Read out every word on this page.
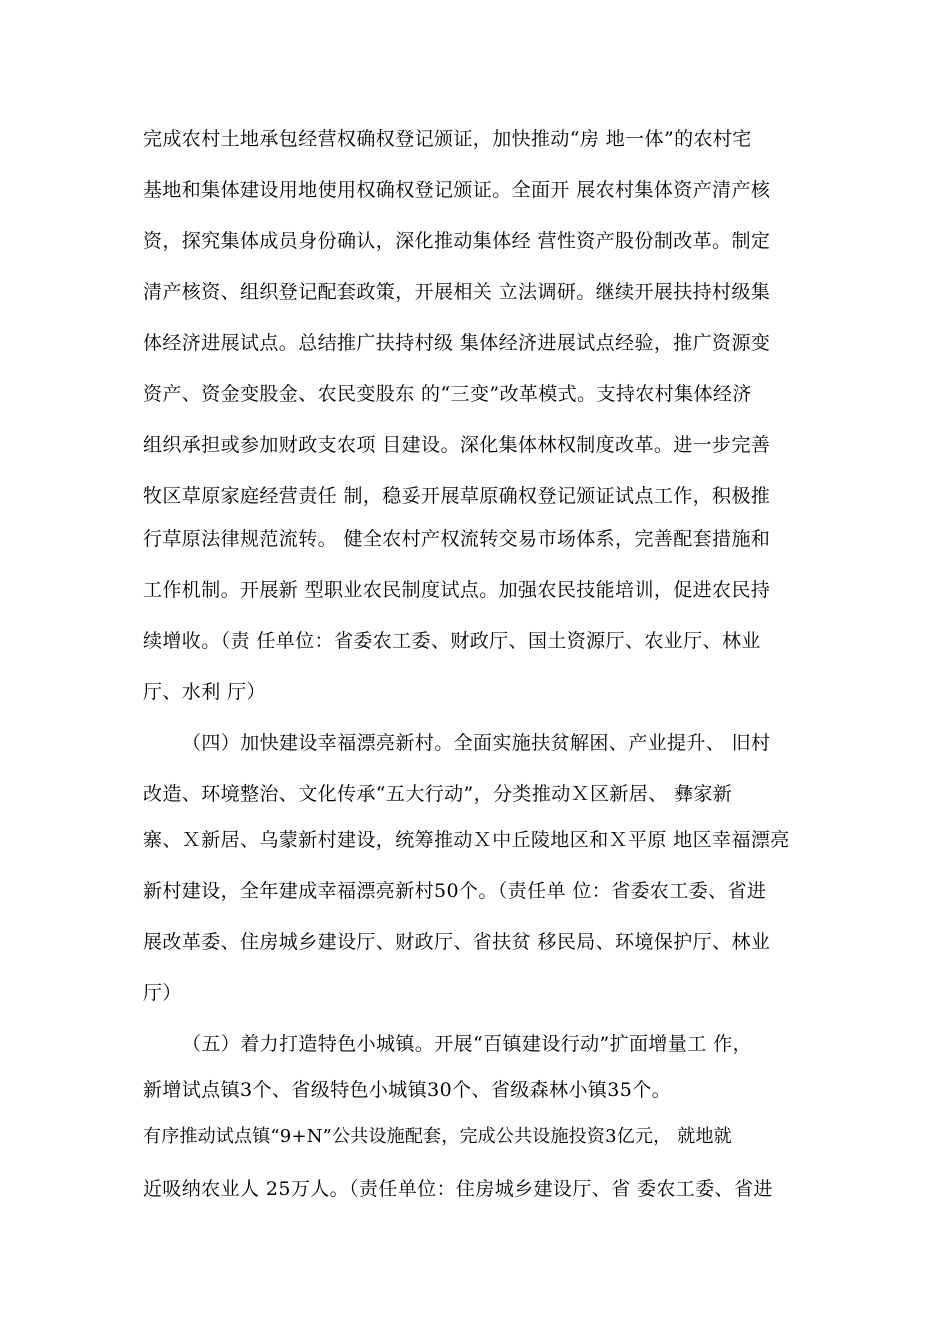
完成农村土地承包经营权确权登记颁证，加快推动“房 地一体”的农村宅

基地和集体建设用地使用权确权登记颁证。全面开 展农村集体资产清产核

资，探究集体成员身份确认，深化推动集体经 营性资产股份制改革。制定

清产核资、组织登记配套政策，开展相关 立法调研。继续开展扶持村级集

体经济进展试点。总结推广扶持村级 集体经济进展试点经验，推广资源变

资产、资金变股金、农民变股东 的“三变”改革模式。支持农村集体经济

组织承担或参加财政支农项 目建设。深化集体林权制度改革。进一步完善

牧区草原家庭经营责任 制，稳妥开展草原确权登记颁证试点工作，积极推

行草原法律规范流转。 健全农村产权流转交易市场体系，完善配套措施和

工作机制。开展新 型职业农民制度试点。加强农民技能培训，促进农民持

续增收。（责 任单位：省委农工委、财政厅、国土资源厅、农业厅、林业

厅、水利 厅）

（四）加快建设幸福漂亮新村。全面实施扶贫解困、产业提升、 旧村

改造、环境整治、文化传承“五大行动”，分类推动Ｘ区新居、 彝家新

寨、Ｘ新居、乌蒙新村建设，统筹推动Ｘ中丘陵地区和Ｘ平原 地区幸福漂亮

新村建设，全年建成幸福漂亮新村50个。（责任单 位：省委农工委、省进

展改革委、住房城乡建设厅、财政厅、省扶贫 移民局、环境保护厅、林业

厅）

（五）着力打造特色小城镇。开展“百镇建设行动”扩面增量工 作，

新增试点镇3个、省级特色小城镇30个、省级森林小镇35个。

有序推动试点镇“9+N”公共设施配套，完成公共设施投资3亿元， 就地就

近吸纳农业人 25万人。（责任单位：住房城乡建设厅、省 委农工委、省进
